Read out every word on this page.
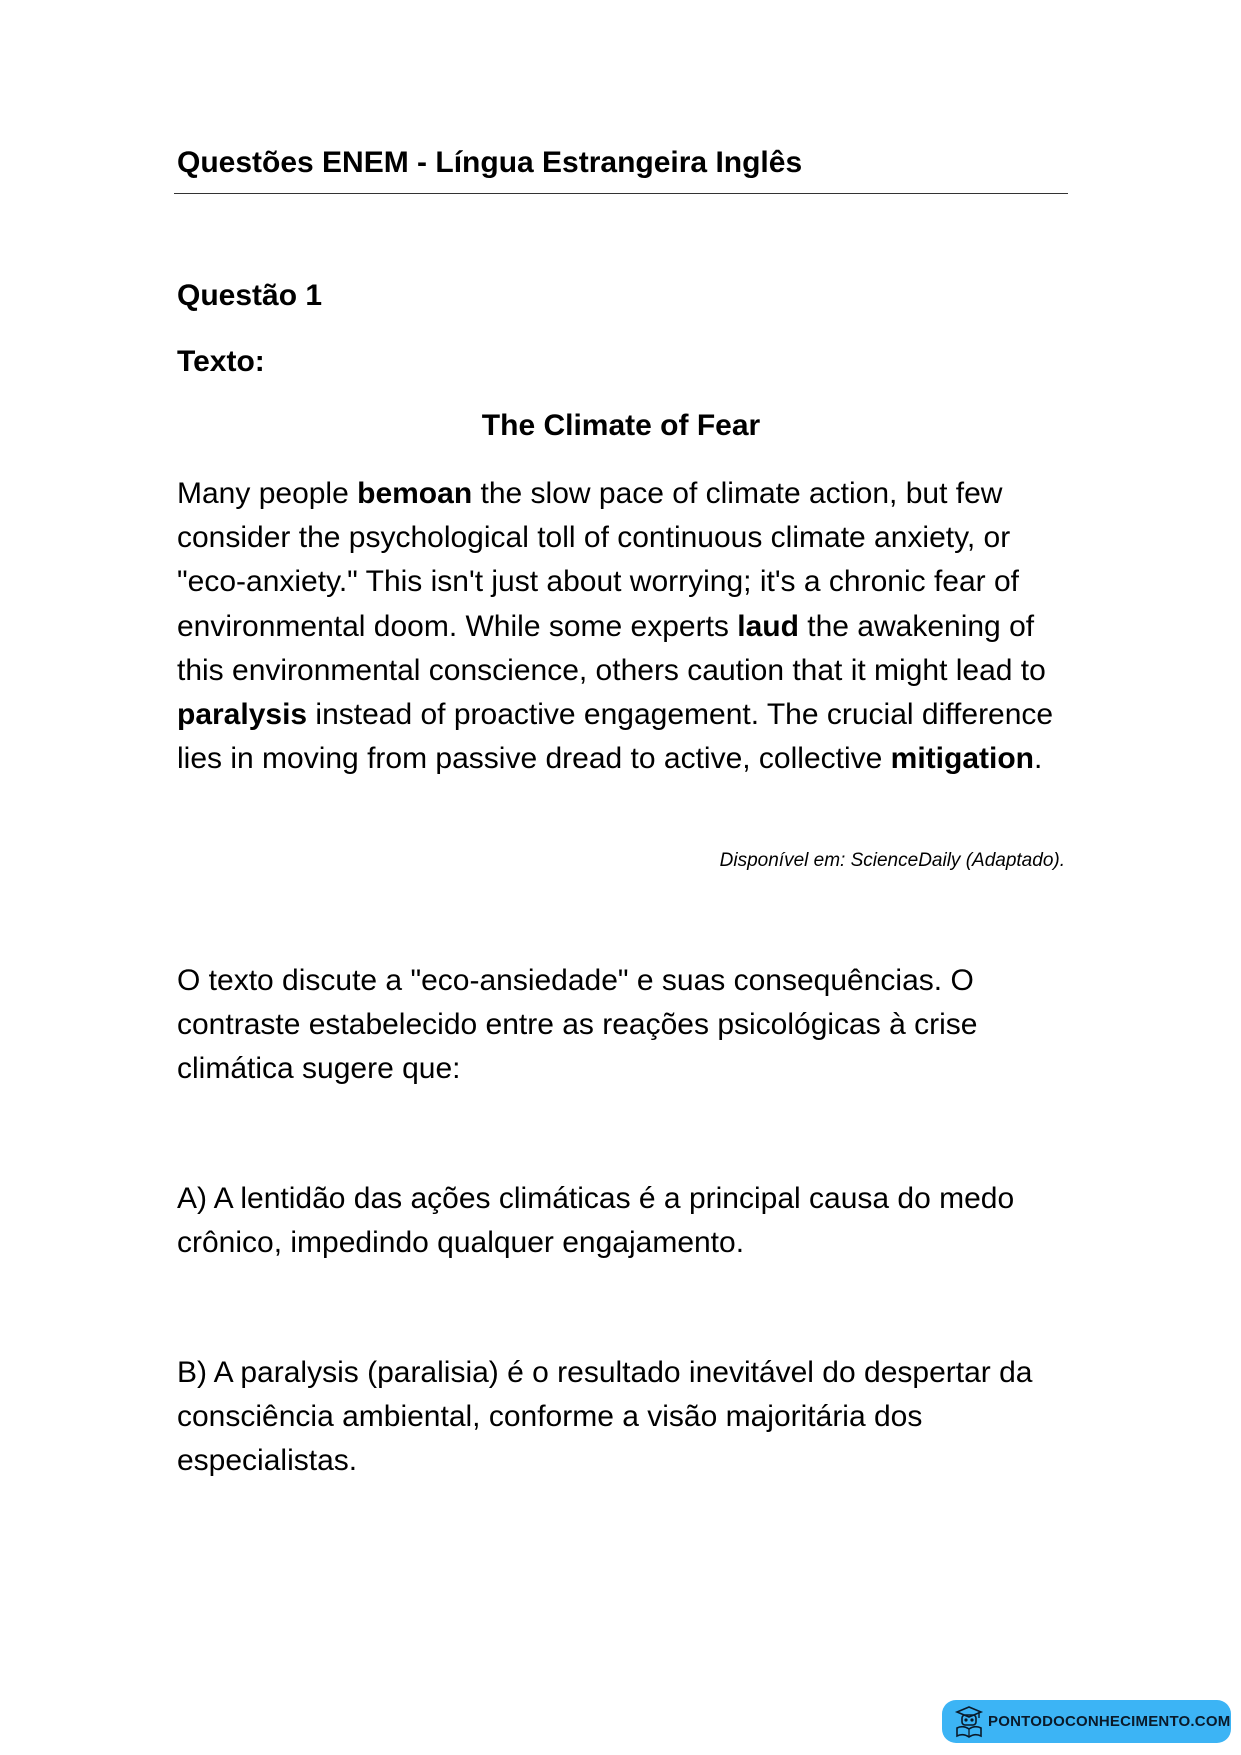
Questões ENEM - Língua Estrangeira Inglês
Questão 1
Texto:
The Climate of Fear

Many people bemoan the slow pace of climate action, but few consider the psychological toll of continuous climate anxiety, or "eco-anxiety." This isn't just about worrying; it's a chronic fear of environmental doom. While some experts laud the awakening of this environmental conscience, others caution that it might lead to paralysis instead of proactive engagement. The crucial difference lies in moving from passive dread to active, collective mitigation.

Disponível em: ScienceDaily (Adaptado).

O texto discute a "eco-ansiedade" e suas consequências. O contraste estabelecido entre as reações psicológicas à crise climática sugere que:

A) A lentidão das ações climáticas é a principal causa do medo crônico, impedindo qualquer engajamento.

B) A paralysis (paralisia) é o resultado inevitável do despertar da consciência ambiental, conforme a visão majoritária dos especialistas.

PONTODOCONHECIMENTO.COM
